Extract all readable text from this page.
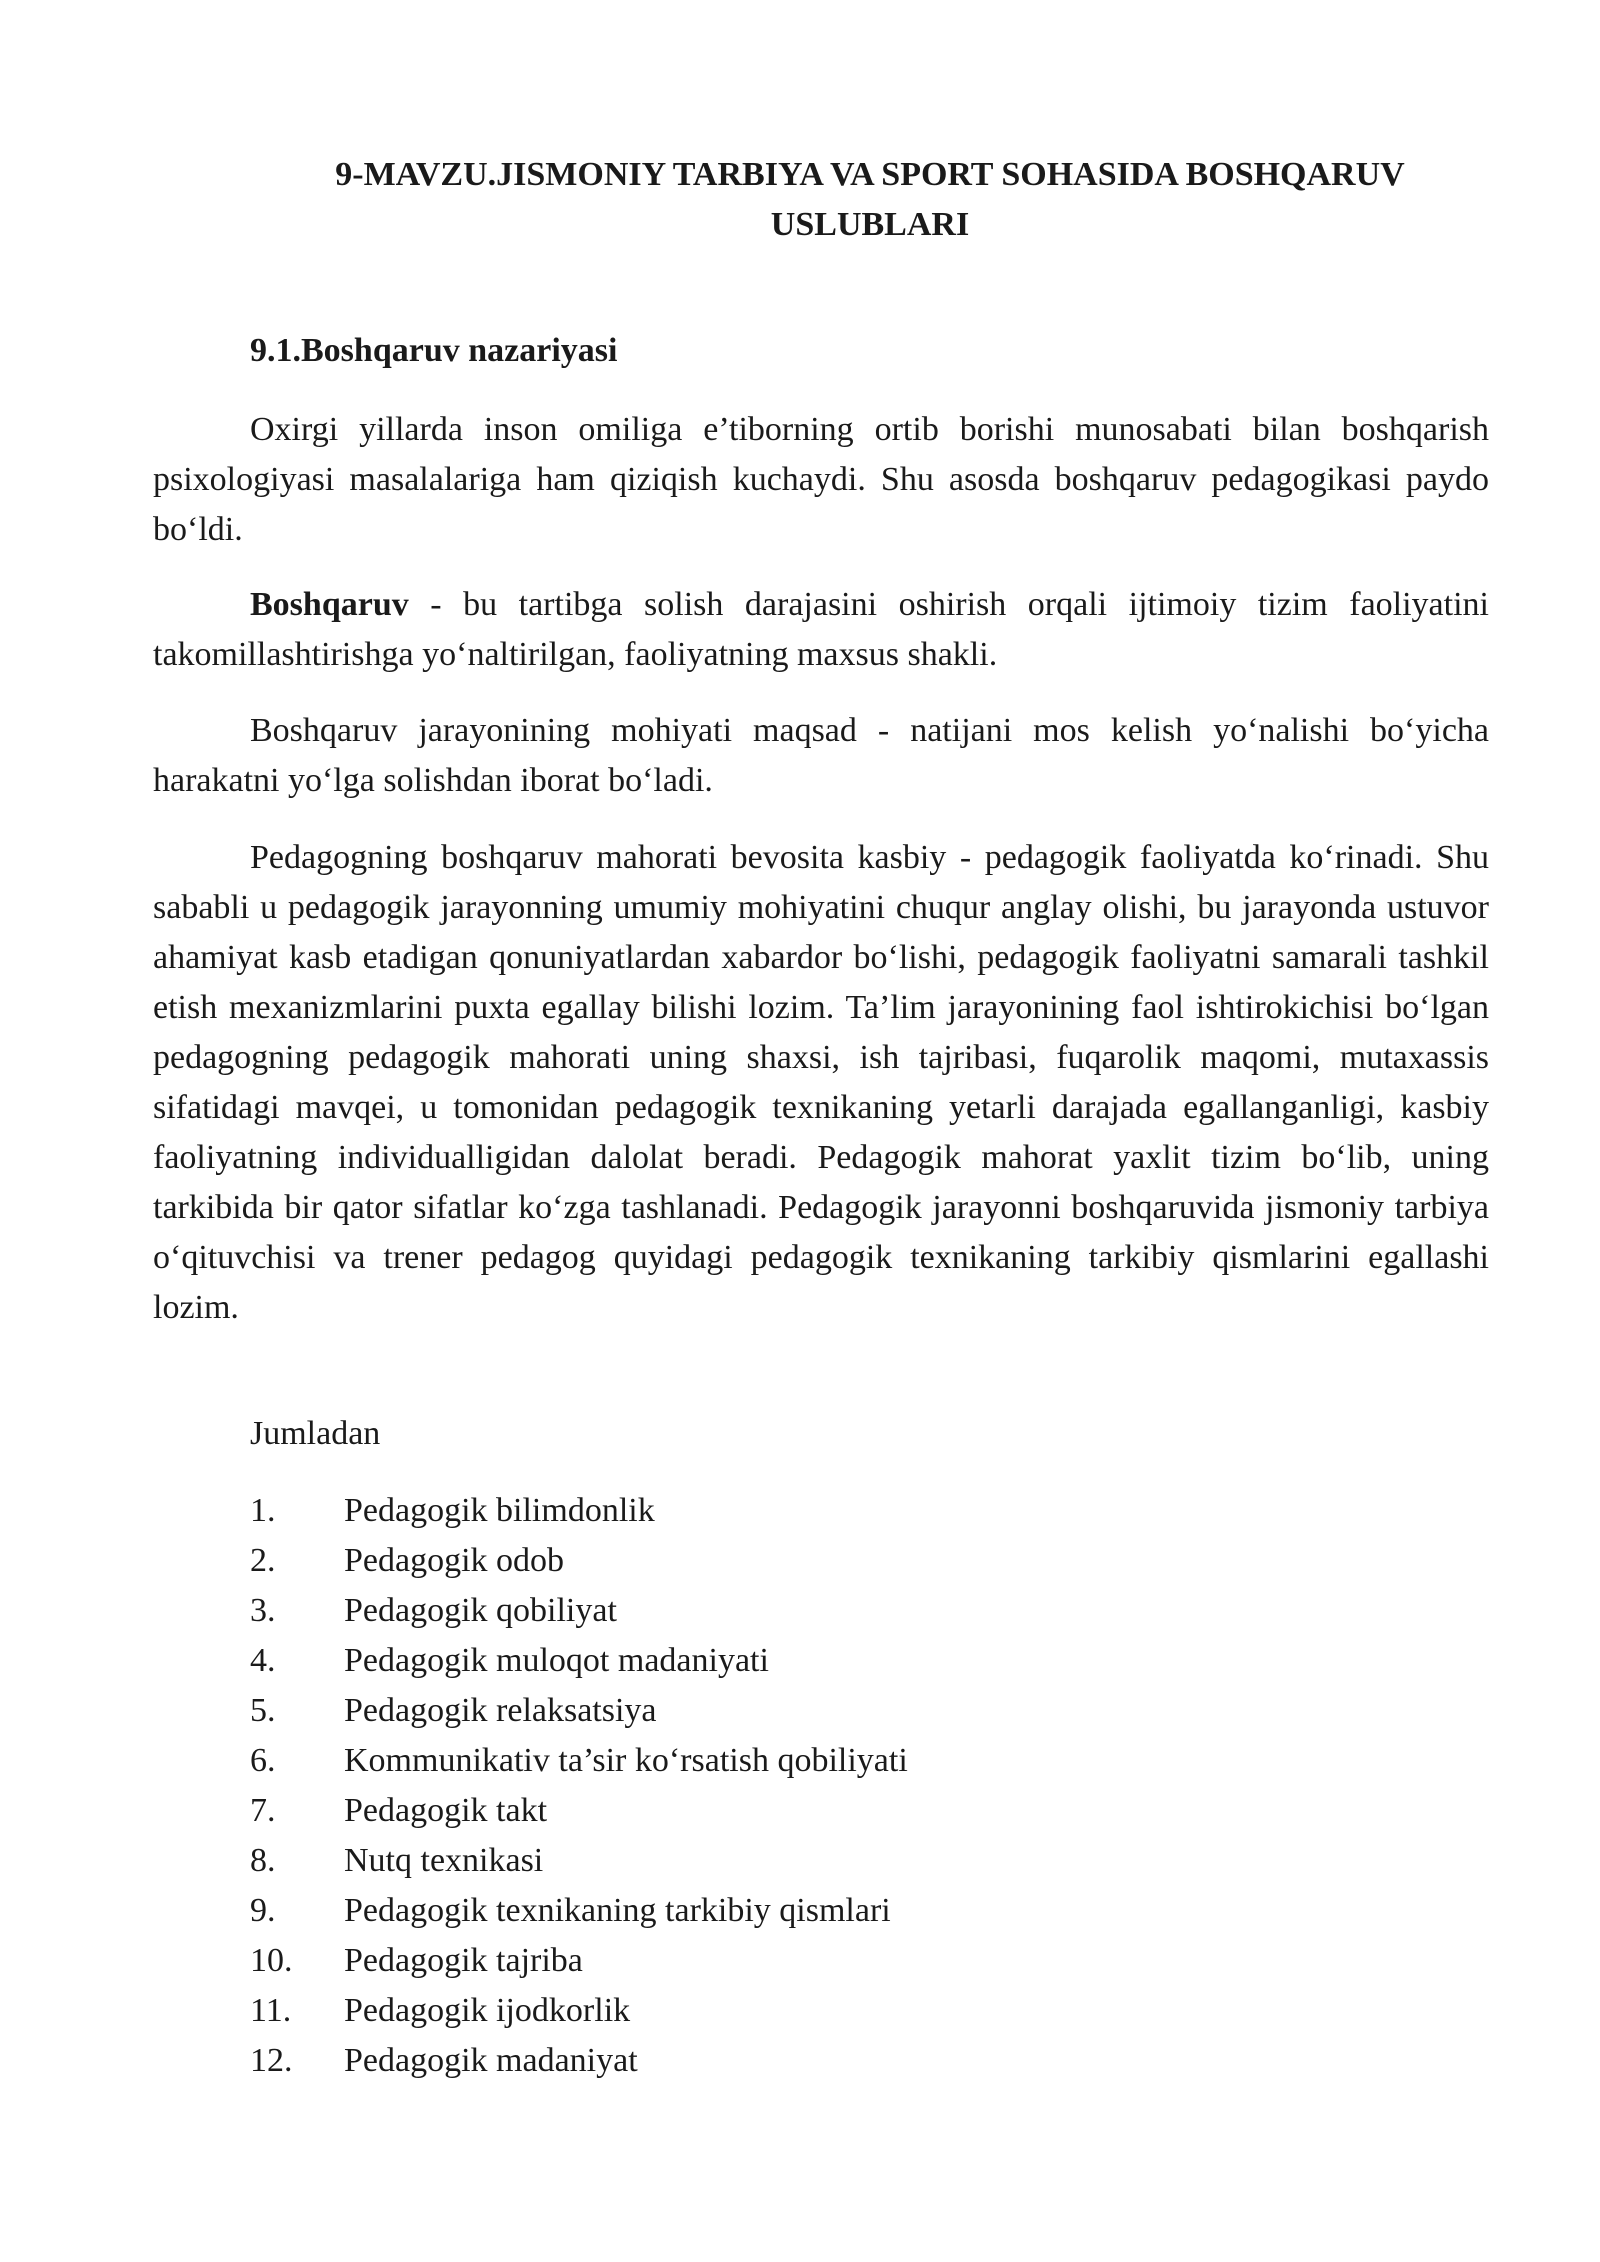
9-MAVZU.JISMONIY TARBIYA VA SPORT SOHASIDA BOSHQARUV USLUBLARI
9.1.Boshqaruv nazariyasi

Oxirgi yillarda inson omiliga e’tiborning ortib borishi munosabati bilan boshqarish psixologiyasi masalalariga ham qiziqish kuchaydi. Shu asosda boshqaruv pedagogikasi paydo bo‘ldi.

Boshqaruv - bu tartibga solish darajasini oshirish orqali ijtimoiy tizim faoliyatini takomillashtirishga yo‘naltirilgan, faoliyatning maxsus shakli.

Boshqaruv jarayonining mohiyati maqsad - natijani mos kelish yo‘nalishi bo‘yicha harakatni yo‘lga solishdan iborat bo‘ladi.

Pedagogning boshqaruv mahorati bevosita kasbiy - pedagogik faoliyatda ko‘rinadi. Shu sababli u pedagogik jarayonning umumiy mohiyatini chuqur anglay olishi, bu jarayonda ustuvor ahamiyat kasb etadigan qonuniyatlardan xabardor bo‘lishi, pedagogik faoliyatni samarali tashkil etish mexanizmlarini puxta egallay bilishi lozim. Ta’lim jarayonining faol ishtirokichisi bo‘lgan pedagogning pedagogik mahorati uning shaxsi, ish tajribasi, fuqarolik maqomi, mutaxassis sifatidagi mavqei, u tomonidan pedagogik texnikaning yetarli darajada egallanganligi, kasbiy faoliyatning individualligidan dalolat beradi. Pedagogik mahorat yaxlit tizim bo‘lib, uning tarkibida bir qator sifatlar ko‘zga tashlanadi. Pedagogik jarayonni boshqaruvida jismoniy tarbiya o‘qituvchisi va trener pedagog quyidagi pedagogik texnikaning tarkibiy qismlarini egallashi lozim.

Jumladan
1.	Pedagogik bilimdonlik
2.	Pedagogik odob
3.	Pedagogik qobiliyat
4.	Pedagogik muloqot madaniyati
5.	Pedagogik relaksatsiya
6.	Kommunikativ ta’sir ko‘rsatish qobiliyati
7.	Pedagogik takt
8.	Nutq texnikasi
9.	Pedagogik texnikaning tarkibiy qismlari
10.	Pedagogik tajriba
11.	Pedagogik ijodkorlik
12.	Pedagogik madaniyat
